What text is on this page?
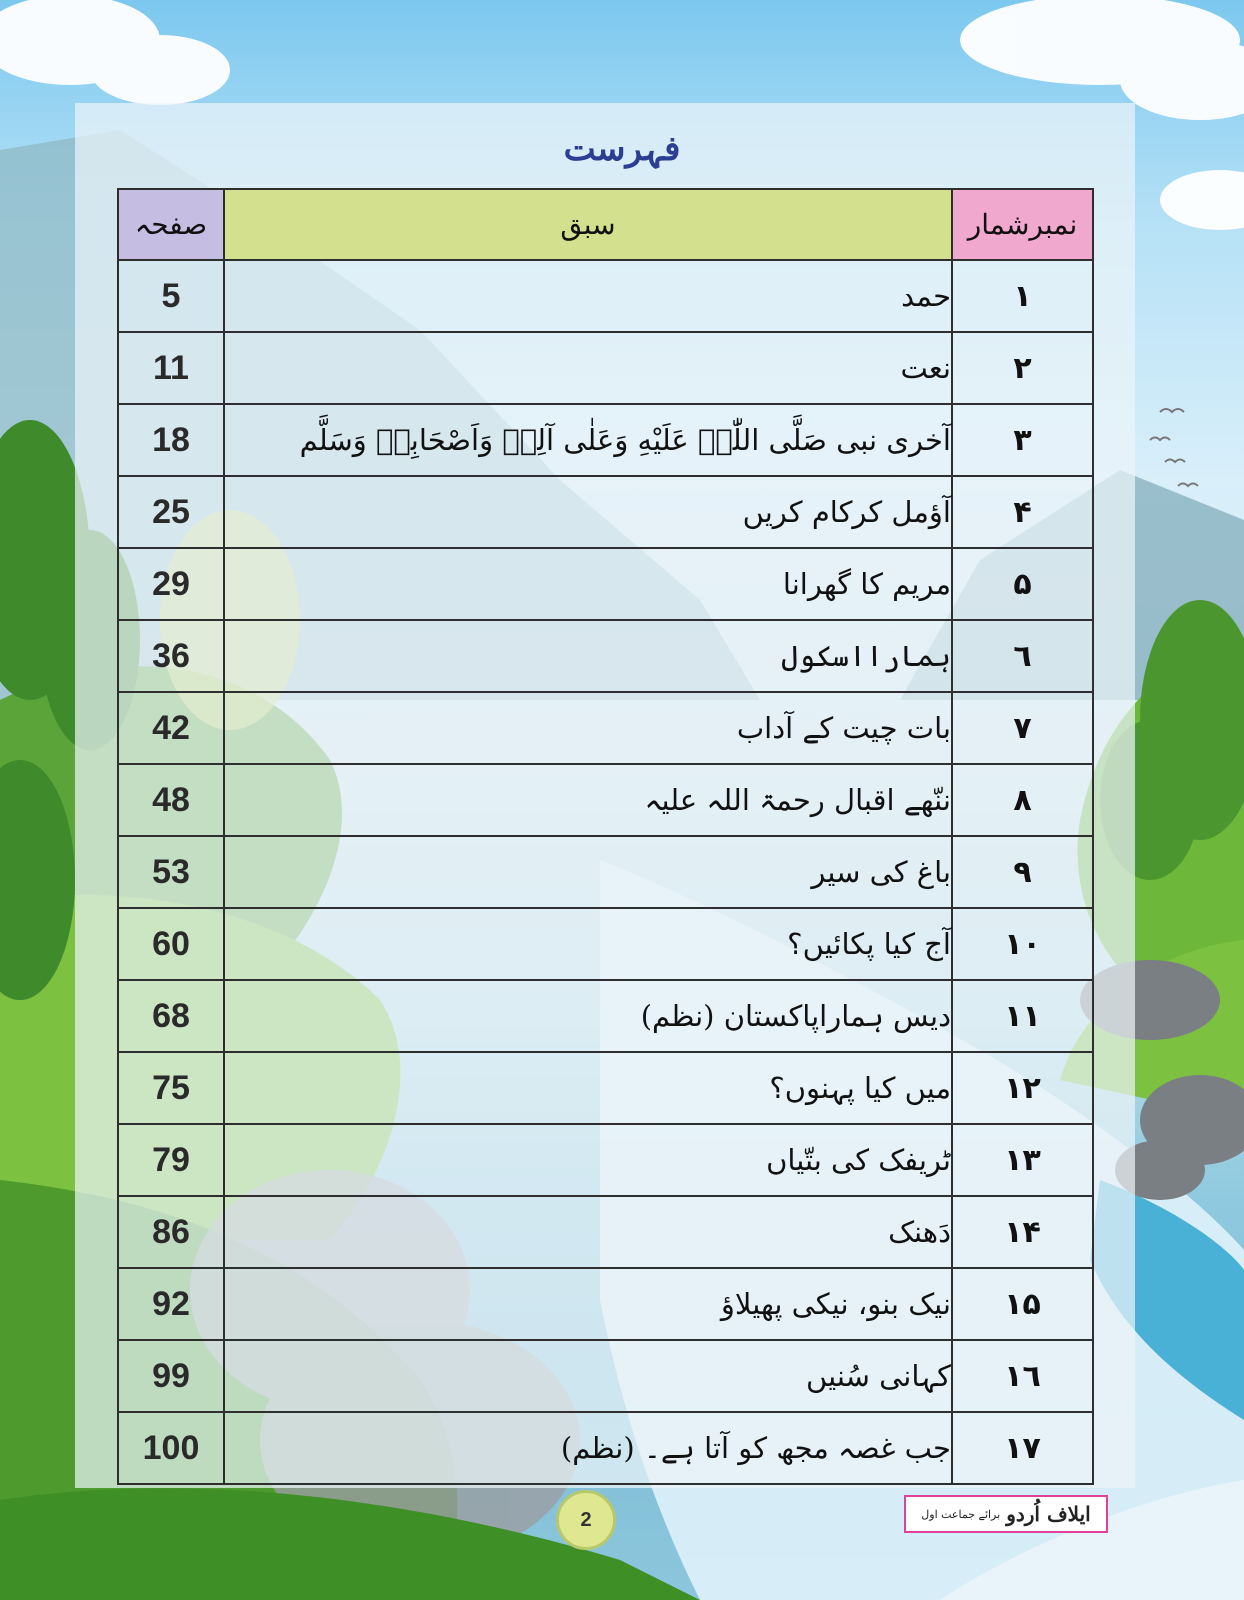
فہرست
صفحہ	سبق	نمبرشمار
5	حمد	١
11	نعت	٢
18	آخری نبی صَلَّی اللّٰہُ عَلَیْهِ وَعَلٰی آلِهٖ وَاَصْحَابِهٖ وَسَلَّم	٣
25	آؤمل کرکام کریں	۴
29	مریم کا گھرانا	۵
36	ہمارااسکول	٦
42	بات چیت کے آداب	٧
48	ننّھے اقبال رحمۃ اللہ علیہ	٨
53	باغ کی سیر	٩
60	آج کیا پکائیں؟	١٠
68	دیس ہماراپاکستان (نظم)	١١
75	میں کیا پہنوں؟	١٢
79	ٹریفک کی بتّیاں	١٣
86	دَھنک	١۴
92	نیک بنو، نیکی پھیلاؤ	١۵
99	کہانی سُنیں	١٦
100	جب غصہ مجھ کو آتا ہے۔ (نظم)	١٧
2	ایلاف اُردو
برائے جماعت اول
